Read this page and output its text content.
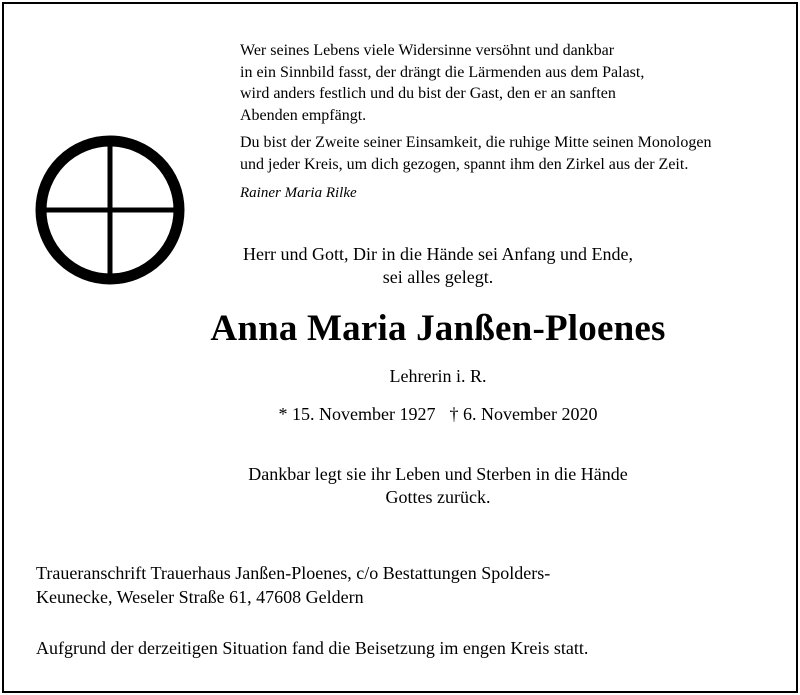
Wer seines Lebens viele Widersinne versöhnt und dankbar
in ein Sinnbild fasst, der drängt die Lärmenden aus dem Palast,
wird anders festlich und du bist der Gast, den er an sanften
Abenden empfängt.
Du bist der Zweite seiner Einsamkeit, die ruhige Mitte seinen Monologen
und jeder Kreis, um dich gezogen, spannt ihm den Zirkel aus der Zeit.
Rainer Maria Rilke
Herr und Gott, Dir in die Hände sei Anfang und Ende,
sei alles gelegt.
Anna Maria Janßen-Ploenes
Lehrerin i. R.
* 15. November 1927 † 6. November 2020
Dankbar legt sie ihr Leben und Sterben in die Hände
Gottes zurück.
Traueranschrift Trauerhaus Janßen-Ploenes, c/o Bestattungen Spolders-
Keunecke, Weseler Straße 61, 47608 Geldern
Aufgrund der derzeitigen Situation fand die Beisetzung im engen Kreis statt.
